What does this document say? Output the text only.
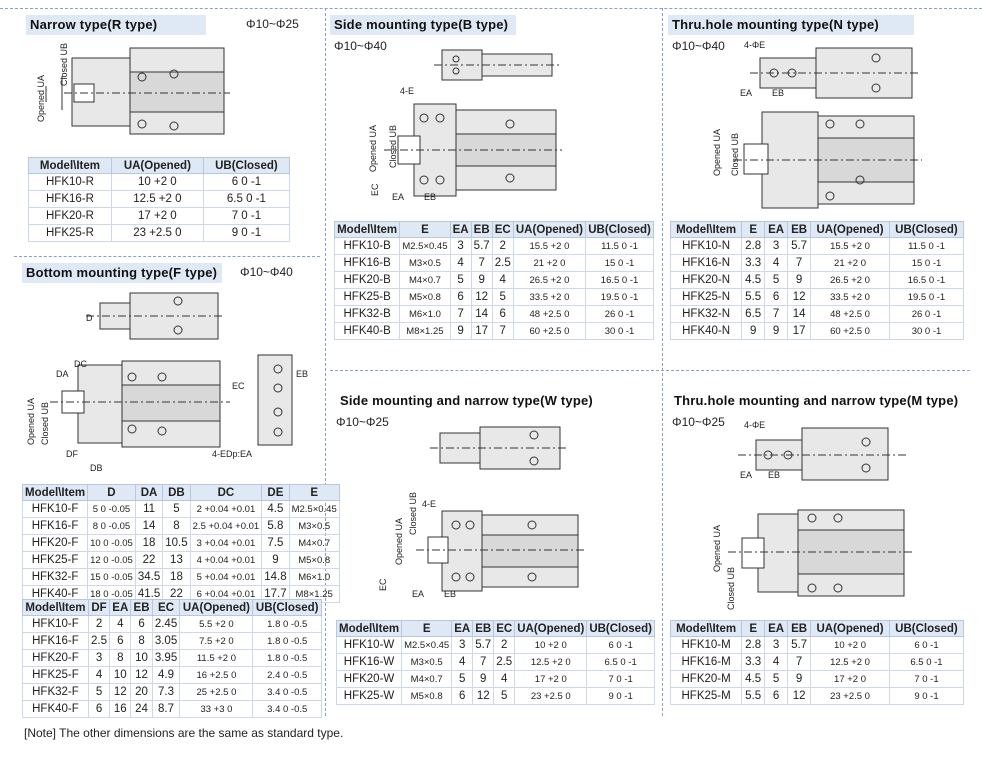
Narrow type(R type)	Φ10~Φ25
Opened UA
Closed UB
Model\Item	UA(Opened)	UB(Closed)
HFK10-R	10 +2 0	6 0 -1
HFK16-R	12.5 +2 0	6.5 0 -1
HFK20-R	17 +2 0	7 0 -1
HFK25-R	23 +2.5 0	9 0 -1
Bottom mounting type(F type)	Φ10~Φ40
D
DA
DC
DB
DF
EC
EB
Opened UA Closed UB
4-EDp:EA
Model\Item	D	DA	DB	DC	DE	E
HFK10-F	5 0 -0.05	11	5	2 +0.04 +0.01	4.5	M2.5×0.45
HFK16-F	8 0 -0.05	14	8	2.5 +0.04 +0.01	5.8	M3×0.5
HFK20-F	10 0 -0.05	18	10.5	3 +0.04 +0.01	7.5	M4×0.7
HFK25-F	12 0 -0.05	22	13	4 +0.04 +0.01	9	M5×0.8
HFK32-F	15 0 -0.05	34.5	18	5 +0.04 +0.01	14.8	M6×1.0
HFK40-F	18 0 -0.05	41.5	22	6 +0.04 +0.01	17.7	M8×1.25
Model\Item	DF	EA	EB	EC	UA(Opened)	UB(Closed)
HFK10-F	2	4	6	2.45	5.5 +2 0	1.8 0 -0.5
HFK16-F	2.5	6	8	3.05	7.5 +2 0	1.8 0 -0.5
HFK20-F	3	8	10	3.95	11.5 +2 0	1.8 0 -0.5
HFK25-F	4	10	12	4.9	16 +2.5 0	2.4 0 -0.5
HFK32-F	5	12	20	7.3	25 +2.5 0	3.4 0 -0.5
HFK40-F	6	16	24	8.7	33 +3 0	3.4 0 -0.5
Side mounting type(B type)
Φ10~Φ40
4-E
Opened UA Closed UB
EC
EA EB
Model\Item	E	EA	EB	EC	UA(Opened)	UB(Closed)
HFK10-B	M2.5×0.45	3	5.7	2	15.5 +2 0	11.5 0 -1
HFK16-B	M3×0.5	4	7	2.5	21 +2 0	15 0 -1
HFK20-B	M4×0.7	5	9	4	26.5 +2 0	16.5 0 -1
HFK25-B	M5×0.8	6	12	5	33.5 +2 0	19.5 0 -1
HFK32-B	M6×1.0	7	14	6	48 +2.5 0	26 0 -1
HFK40-B	M8×1.25	9	17	7	60 +2.5 0	30 0 -1
Thru.hole mounting type(N type)
Φ10~Φ40 4-ΦE
EA EB
Opened UA Closed UB
Model\Item	E	EA	EB	UA(Opened)	UB(Closed)
HFK10-N	2.8	3	5.7	15.5 +2 0	11.5 0 -1
HFK16-N	3.3	4	7	21 +2 0	15 0 -1
HFK20-N	4.5	5	9	26.5 +2 0	16.5 0 -1
HFK25-N	5.5	6	12	33.5 +2 0	19.5 0 -1
HFK32-N	6.5	7	14	48 +2.5 0	26 0 -1
HFK40-N	9	9	17	60 +2.5 0	30 0 -1
Side mounting and narrow type(W type)
Φ10~Φ25
4-E
Closed UB
Opened UA
EC
EA EB
Model\Item	E	EA	EB	EC	UA(Opened)	UB(Closed)
HFK10-W	M2.5×0.45	3	5.7	2	10 +2 0	6 0 -1
HFK16-W	M3×0.5	4	7	2.5	12.5 +2 0	6.5 0 -1
HFK20-W	M4×0.7	5	9	4	17 +2 0	7 0 -1
HFK25-W	M5×0.8	6	12	5	23 +2.5 0	9 0 -1
Thru.hole mounting and narrow type(M type)
Φ10~Φ25 4-ΦE
EA EB
Opened UA
Closed UB
Model\Item	E	EA	EB	UA(Opened)	UB(Closed)
HFK10-M	2.8	3	5.7	10 +2 0	6 0 -1
HFK16-M	3.3	4	7	12.5 +2 0	6.5 0 -1
HFK20-M	4.5	5	9	17 +2 0	7 0 -1
HFK25-M	5.5	6	12	23 +2.5 0	9 0 -1
[Note] The other dimensions are the same as standard type.
